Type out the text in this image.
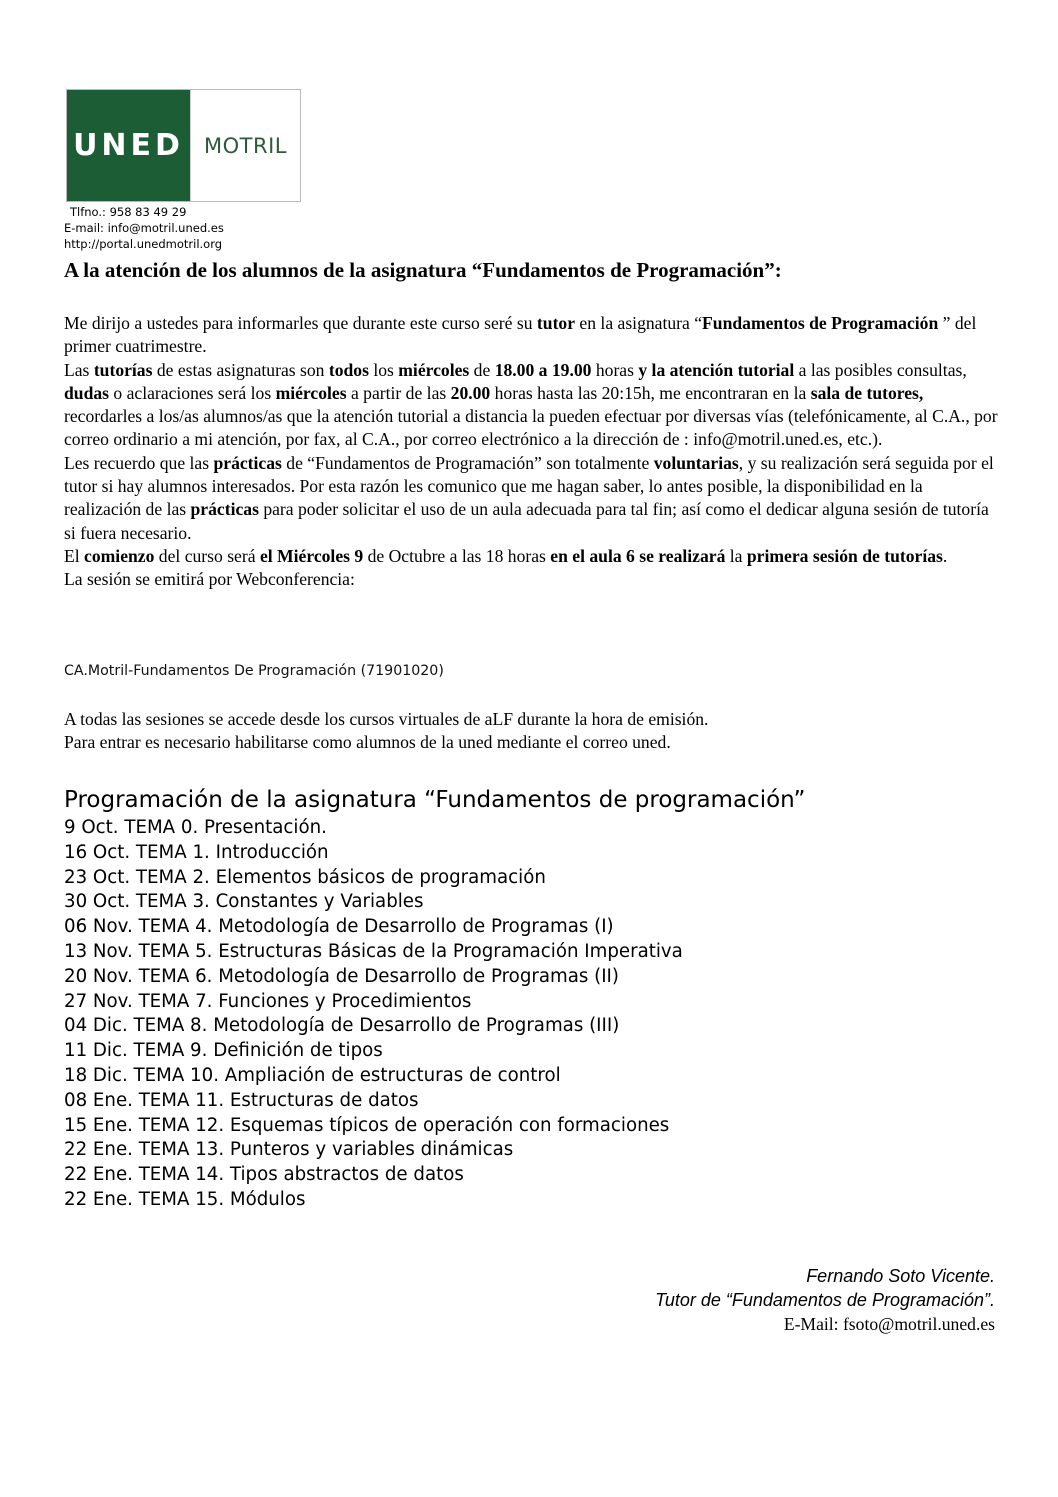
UNED MOTRIL
Tlfno.: 958 83 49 29
E-mail: info@motril.uned.es
http://portal.unedmotril.org
A la atención de los alumnos de la asignatura “Fundamentos de Programación”:

Me dirijo a ustedes para informarles que durante este curso seré su tutor en la asignatura “Fundamentos de Programación ” del primer cuatrimestre.

Las tutorías de estas asignaturas son todos los miércoles de 18.00 a 19.00 horas y la atención tutorial a las posibles consultas, dudas o aclaraciones será los miércoles a partir de las 20.00 horas hasta las 20:15h, me encontraran en la sala de tutores, recordarles a los/as alumnos/as que la atención tutorial a distancia la pueden efectuar por diversas vías (telefónicamente, al C.A., por correo ordinario a mi atención, por fax, al C.A., por correo electrónico a la dirección de : info@motril.uned.es, etc.).

Les recuerdo que las prácticas de “Fundamentos de Programación” son totalmente voluntarias, y su realización será seguida por el tutor si hay alumnos interesados. Por esta razón les comunico que me hagan saber, lo antes posible, la disponibilidad en la realización de las prácticas para poder solicitar el uso de un aula adecuada para tal fin; así como el dedicar alguna sesión de tutoría si fuera necesario.

El comienzo del curso será el Miércoles 9 de Octubre a las 18 horas en el aula 6 se realizará la primera sesión de tutorías.

La sesión se emitirá por Webconferencia:

CA.Motril-Fundamentos De Programación (71901020)

A todas las sesiones se accede desde los cursos virtuales de aLF durante la hora de emisión.

Para entrar es necesario habilitarse como alumnos de la uned mediante el correo uned.

Programación de la asignatura “Fundamentos de programación”
9 Oct. TEMA 0. Presentación.
16 Oct. TEMA 1. Introducción
23 Oct. TEMA 2. Elementos básicos de programación
30 Oct. TEMA 3. Constantes y Variables
06 Nov. TEMA 4. Metodología de Desarrollo de Programas (I)
13 Nov. TEMA 5. Estructuras Básicas de la Programación Imperativa
20 Nov. TEMA 6. Metodología de Desarrollo de Programas (II)
27 Nov. TEMA 7. Funciones y Procedimientos
04 Dic. TEMA 8. Metodología de Desarrollo de Programas (III)
11 Dic. TEMA 9. Definición de tipos
18 Dic. TEMA 10. Ampliación de estructuras de control
08 Ene. TEMA 11. Estructuras de datos
15 Ene. TEMA 12. Esquemas típicos de operación con formaciones
22 Ene. TEMA 13. Punteros y variables dinámicas
22 Ene. TEMA 14. Tipos abstractos de datos
22 Ene. TEMA 15. Módulos
Fernando Soto Vicente.
Tutor de “Fundamentos de Programación”.
E-Mail: fsoto@motril.uned.es
